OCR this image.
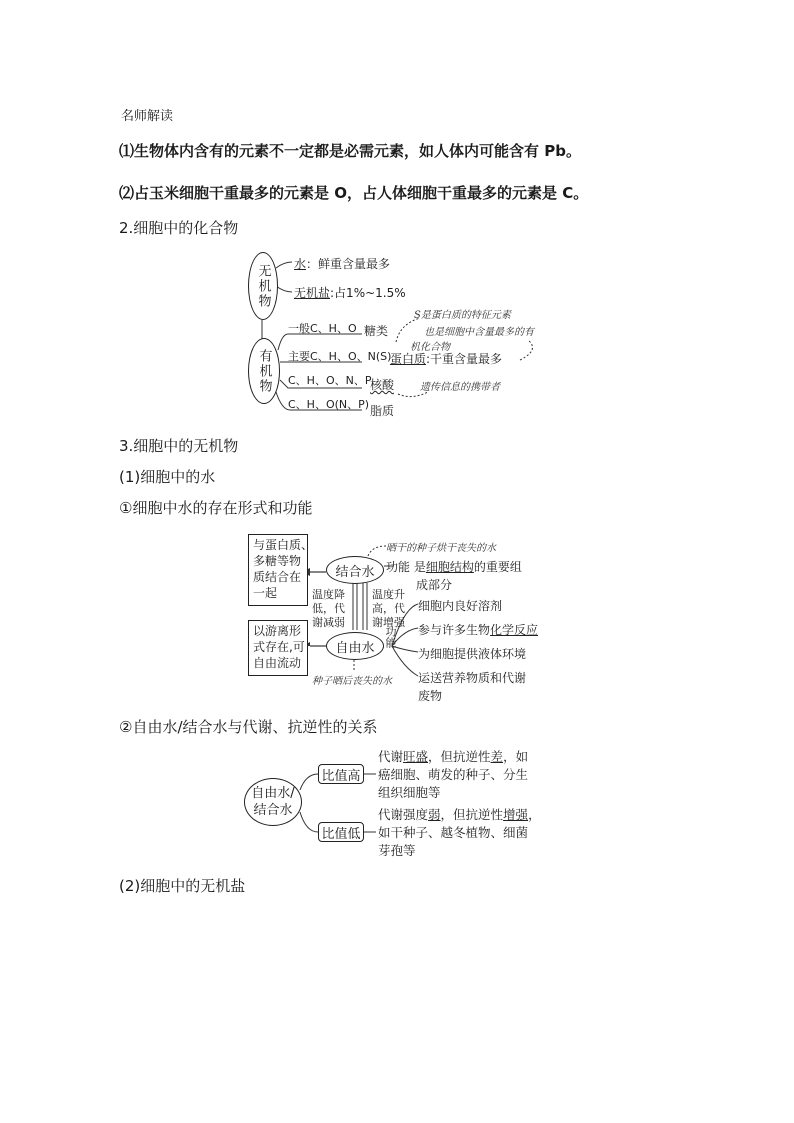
名师解读
⑴生物体内含有的元素不一定都是必需元素，如人体内可能含有 Pb。
⑵占玉米细胞干重最多的元素是 O，占人体细胞干重最多的元素是 C。
2.细胞中的化合物
无机物 水：鲜重含量最多
无机盐:占1%~1.5%
有机物
S是蛋白质的特征元素
一般C、H、O 糖类	也是细胞中含量最多的有
机化合物
主要C、H、O、N(S)
蛋白质:干重含量最多
C、H、O、N、P
核酸	遗传信息的携带者
C、H、O(N、P) 脂质
3.细胞中的无机物
(1)细胞中的水
①细胞中水的存在形式和功能
与蛋白质、
多糖等物
质结合在
一起
结合水
晒干的种子烘干丧失的水
功能 是细胞结构的重要组
成部分
温度降
低，代
谢减弱
温度升
高，代
谢增强
以游离形
式存在,可
自由流动
自由水 功能
种子晒后丧失的水
细胞内良好溶剂
参与许多生物化学反应
为细胞提供液体环境
运送营养物质和代谢
废物
②自由水/结合水与代谢、抗逆性的关系
自由水/
结合水
比值高
代谢旺盛，但抗逆性差，如
癌细胞、萌发的种子、分生
组织细胞等
比值低
代谢强度弱，但抗逆性增强，
如干种子、越冬植物、细菌
芽孢等
(2)细胞中的无机盐
